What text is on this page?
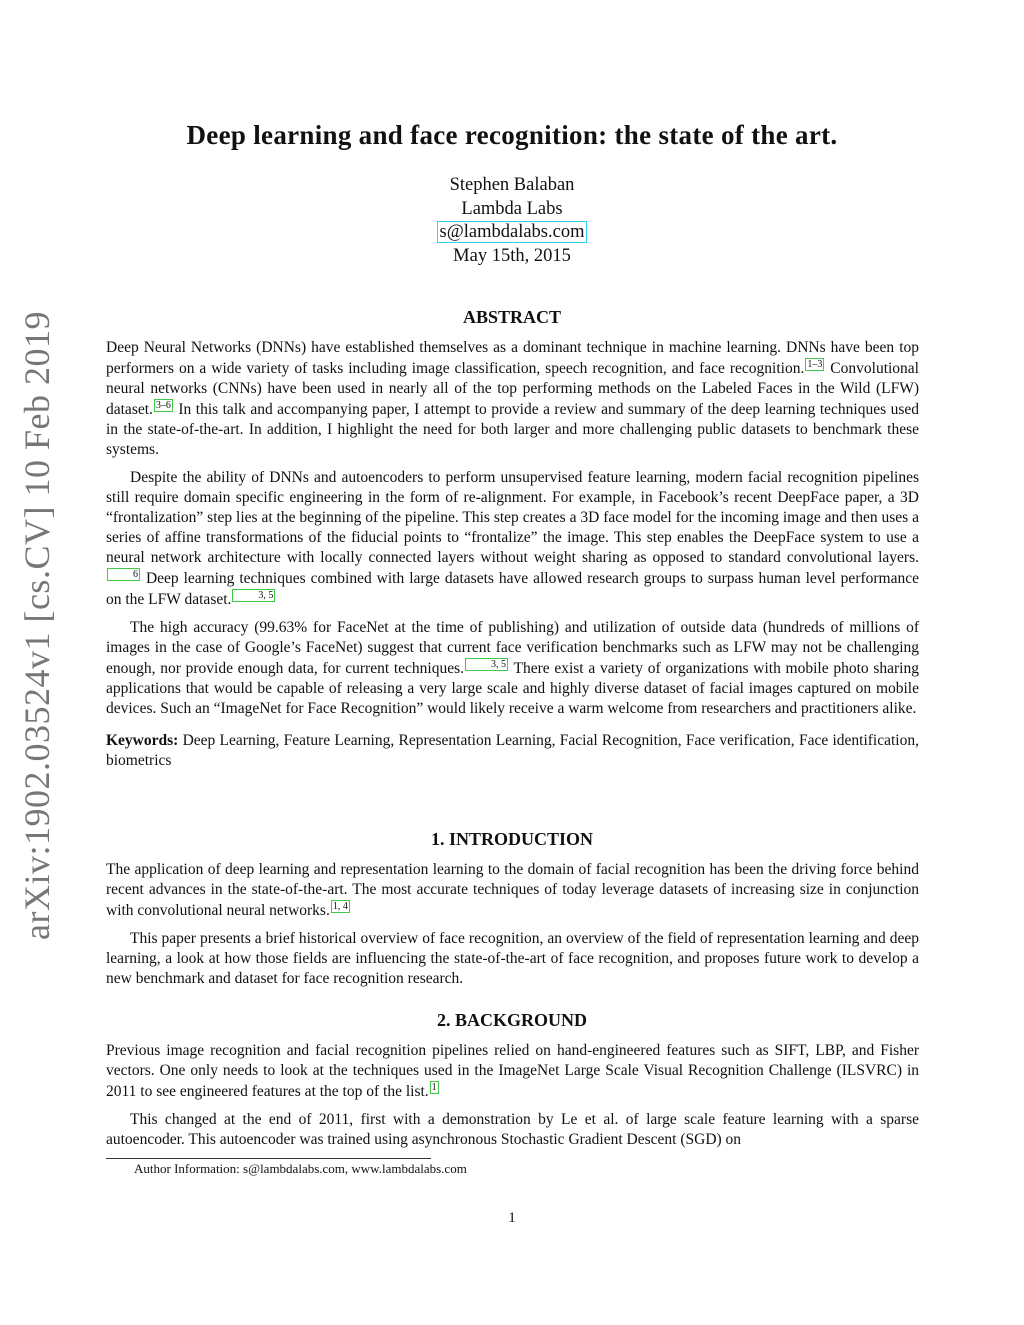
arXiv:1902.03524v1 [cs.CV] 10 Feb 2019
Deep learning and face recognition: the state of the art.
Stephen Balaban
Lambda Labs
s@lambdalabs.com
May 15th, 2015
ABSTRACT

Deep Neural Networks (DNNs) have established themselves as a dominant technique in machine learning. DNNs have been top performers on a wide variety of tasks including image classification, speech recognition, and face recognition. 1–3 Convolutional neural networks (CNNs) have been used in nearly all of the top performing methods on the Labeled Faces in the Wild (LFW) dataset. 3–6 In this talk and accompanying paper, I attempt to provide a review and summary of the deep learning techniques used in the state-of-the-art. In addition, I highlight the need for both larger and more challenging public datasets to benchmark these systems.

Despite the ability of DNNs and autoencoders to perform unsupervised feature learning, modern facial recognition pipelines still require domain specific engineering in the form of re-alignment. For example, in Facebook’s recent DeepFace paper, a 3D “frontalization” step lies at the beginning of the pipeline. This step creates a 3D face model for the incoming image and then uses a series of affine transformations of the fiducial points to “frontalize” the image. This step enables the DeepFace system to use a neural network architecture with locally connected layers without weight sharing as opposed to standard convolutional layers.6 Deep learning techniques combined with large datasets have allowed research groups to surpass human level performance on the LFW dataset.	3, 5

The high accuracy (99.63% for FaceNet at the time of publishing) and utilization of outside data (hundreds of millions of images in the case of Google’s FaceNet) suggest that current face verification benchmarks such as LFW may not be challenging enough, nor provide enough data, for current techniques.	3, 5 There exist a variety of organizations with mobile photo sharing applications that would be capable of releasing a very large scale and highly diverse dataset of facial images captured on mobile devices. Such an “ImageNet for Face Recognition” would likely receive a warm welcome from researchers and practitioners alike.

Keywords: Deep Learning, Feature Learning, Representation Learning, Facial Recognition, Face verification, Face identification, biometrics

1. INTRODUCTION

The application of deep learning and representation learning to the domain of facial recognition has been the driving force behind recent advances in the state-of-the-art. The most accurate techniques of today leverage datasets of increasing size in conjunction with convolutional neural networks. 1, 4

This paper presents a brief historical overview of face recognition, an overview of the field of representation learning and deep learning, a look at how those fields are influencing the state-of-the-art of face recognition, and proposes future work to develop a new benchmark and dataset for face recognition research.

2. BACKGROUND

Previous image recognition and facial recognition pipelines relied on hand-engineered features such as SIFT, LBP, and Fisher vectors. One only needs to look at the techniques used in the ImageNet Large Scale Visual Recognition Challenge (ILSVRC) in 2011 to see engineered features at the top of the list. 1

This changed at the end of 2011, first with a demonstration by Le et al. of large scale feature learning with a sparse autoencoder. This autoencoder was trained using asynchronous Stochastic Gradient Descent (SGD) on

Author Information: s@lambdalabs.com, www.lambdalabs.com
1
